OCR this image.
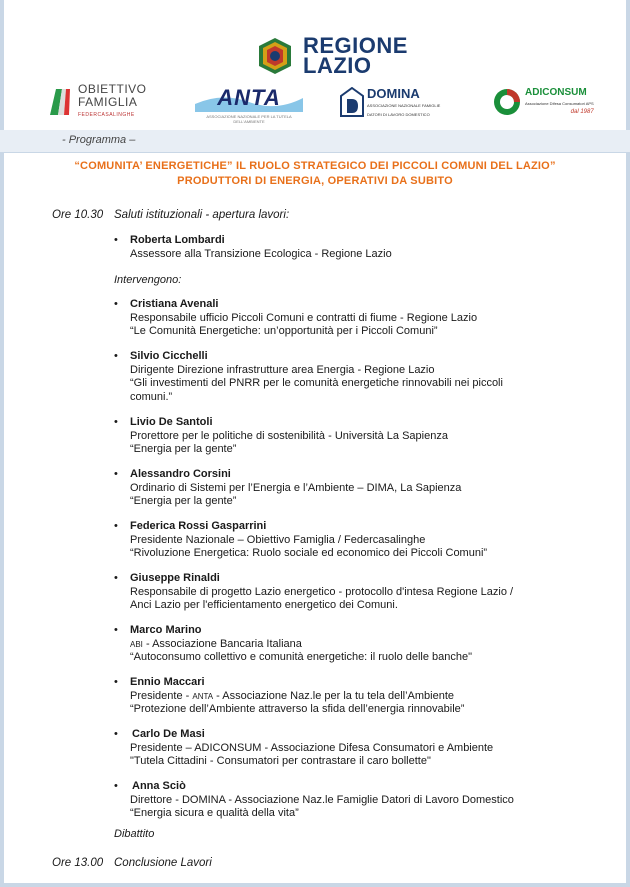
REGIONE
LAZIO
OBIETTIVO
FAMIGLIA
FEDERCASALINGHE
ANTA
ASSOCIAZIONE NAZIONALE PER LA TUTELA DELL'AMBIENTE
DOMINA
ASSOCIAZIONE NAZIONALE FAMIGLIE
DATORI DI LAVORO DOMESTICO
ADICONSUM
Associazione Difesa Consumatori APS
dal 1987
- Programma –
“COMUNITA’ ENERGETICHE” IL RUOLO STRATEGICO DEI PICCOLI COMUNI DEL LAZIO”
PRODUTTORI DI ENERGIA, OPERATIVI DA SUBITO
Ore 10.30 Saluti istituzionali - apertura lavori:
• Roberta Lombardi
Assessore alla Transizione Ecologica - Regione Lazio
Intervengono:
• Cristiana Avenali
Responsabile ufficio Piccoli Comuni e contratti di fiume - Regione Lazio
“Le Comunità Energetiche: un’opportunità per i Piccoli Comuni”
• Silvio Cicchelli
Dirigente Direzione infrastrutture area Energia - Regione Lazio
“Gli investimenti del PNRR per le comunità energetiche rinnovabili nei piccoli
comuni.”
• Livio De Santoli
Prorettore per le politiche di sostenibilità - Università La Sapienza
“Energia per la gente”
• Alessandro Corsini
Ordinario di Sistemi per l’Energia e l’Ambiente – DIMA, La Sapienza
“Energia per la gente”
• Federica Rossi Gasparrini
Presidente Nazionale – Obiettivo Famiglia / Federcasalinghe
“Rivoluzione Energetica: Ruolo sociale ed economico dei Piccoli Comuni”
• Giuseppe Rinaldi
Responsabile di progetto Lazio energetico - protocollo d'intesa Regione Lazio /
Anci Lazio per l'efficientamento energetico dei Comuni.
• Marco Marino
ABI - Associazione Bancaria Italiana
“Autoconsumo collettivo e comunità energetiche: il ruolo delle banche"
• Ennio Maccari
Presidente - ANTA - Associazione Naz.le per la tu tela dell’Ambiente
“Protezione dell’Ambiente attraverso la sfida dell’energia rinnovabile”
• Carlo De Masi
Presidente – ADICONSUM - Associazione Difesa Consumatori e Ambiente
"Tutela Cittadini - Consumatori per contrastare il caro bollette"
• Anna Sciò
Direttore - DOMINA - Associazione Naz.le Famiglie Datori di Lavoro Domestico
“Energia sicura e qualità della vita”
Dibattito
Ore 13.00 Conclusione Lavori
